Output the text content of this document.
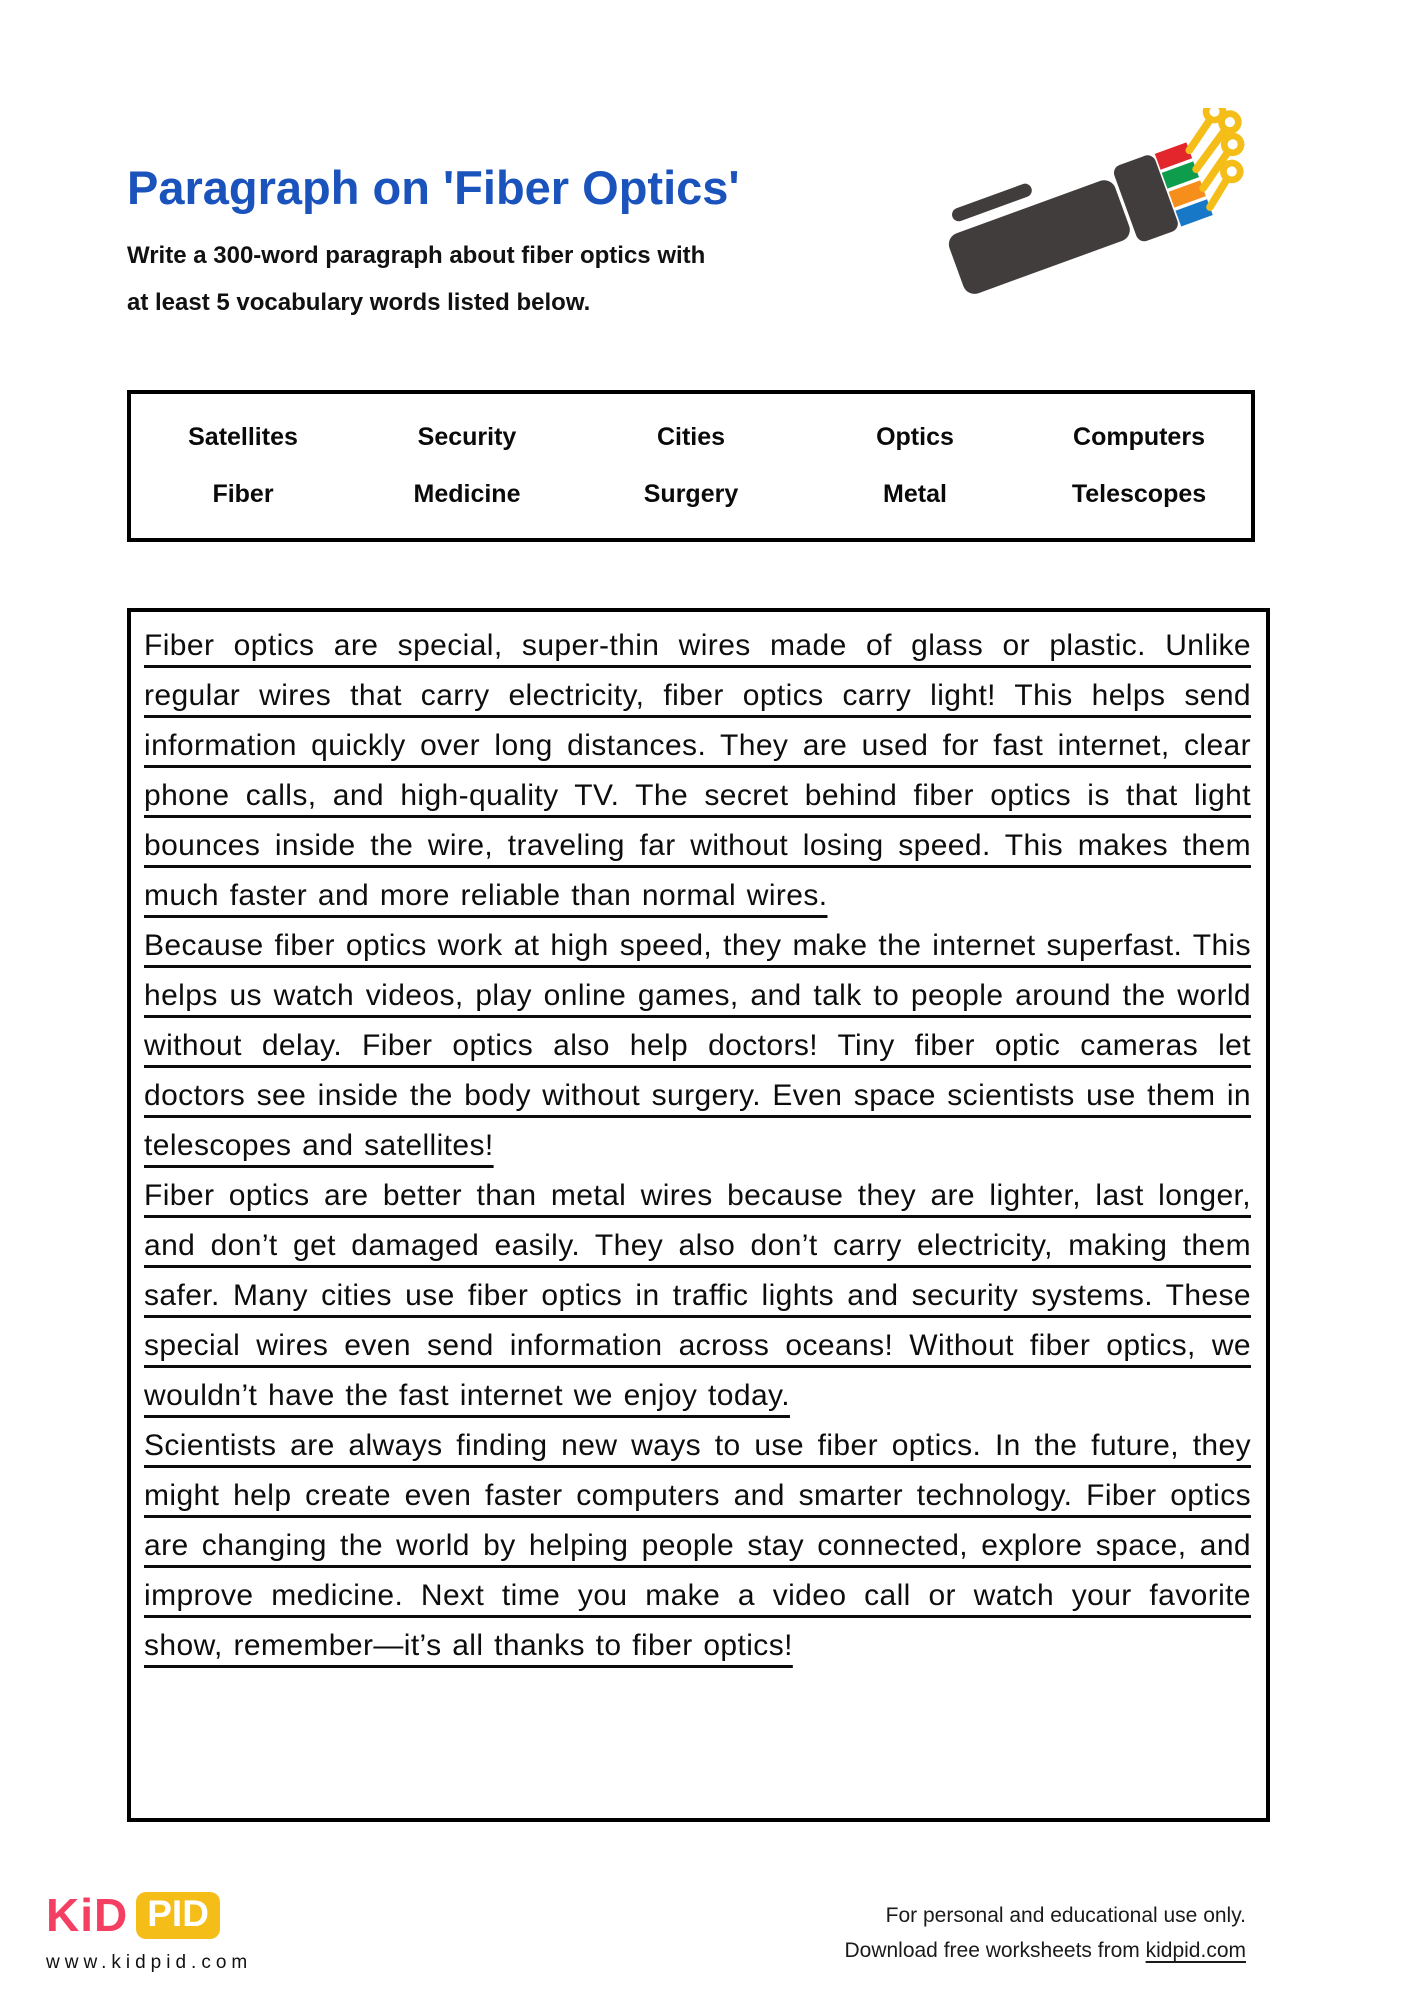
Paragraph on 'Fiber Optics'
Write a 300-word paragraph about fiber optics with
at least 5 vocabulary words listed below.
Satellites	Security	Cities	Optics	Computers
Fiber	Medicine	Surgery	Metal	Telescopes

Fiber optics are special, super-thin wires made of glass or plastic. Unlike regular wires that carry electricity, fiber optics carry light! This helps send information quickly over long distances. They are used for fast internet, clear phone calls, and high-quality TV. The secret behind fiber optics is that light bounces inside the wire, traveling far without losing speed. This makes them much faster and more reliable than normal wires.

Because fiber optics work at high speed, they make the internet superfast. This helps us watch videos, play online games, and talk to people around the world without delay. Fiber optics also help doctors! Tiny fiber optic cameras let doctors see inside the body without surgery. Even space scientists use them in telescopes and satellites!

Fiber optics are better than metal wires because they are lighter, last longer, and don’t get damaged easily. They also don’t carry electricity, making them safer. Many cities use fiber optics in traffic lights and security systems. These special wires even send information across oceans! Without fiber optics, we wouldn’t have the fast internet we enjoy today.

Scientists are always finding new ways to use fiber optics. In the future, they might help create even faster computers and smarter technology. Fiber optics are changing the world by helping people stay connected, explore space, and improve medicine. Next time you make a video call or watch your favorite show, remember—it’s all thanks to fiber optics!

KiD PID
www.kidpid.com
For personal and educational use only.
Download free worksheets from kidpid.com
